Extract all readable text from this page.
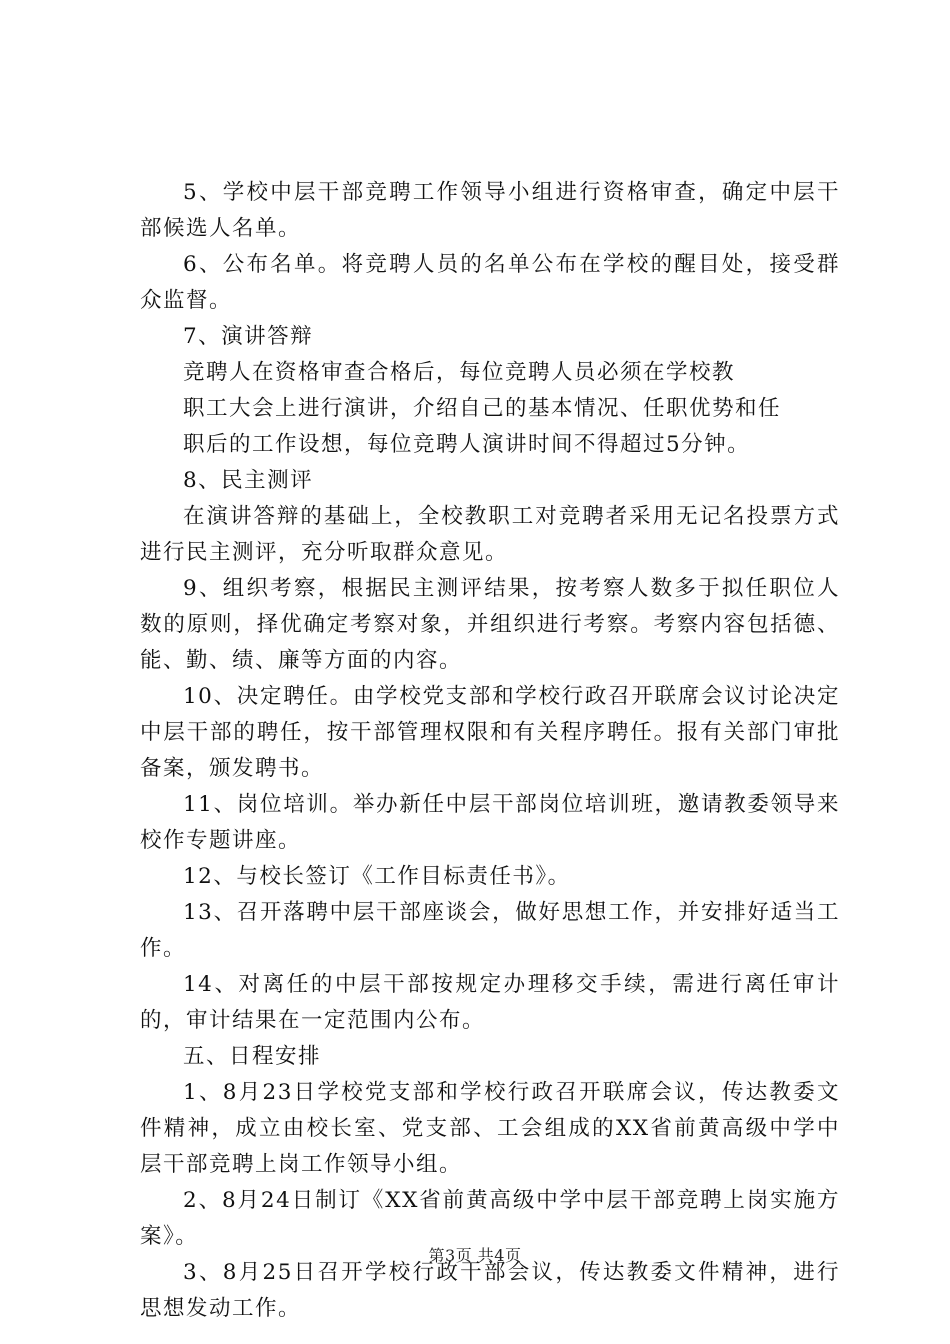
5、学校中层干部竞聘工作领导小组进行资格审查，确定中层干部候选人名单。

6、公布名单。将竞聘人员的名单公布在学校的醒目处，接受群众监督。

7、演讲答辩

竞聘人在资格审查合格后，每位竞聘人员必须在学校教

职工大会上进行演讲，介绍自己的基本情况、任职优势和任

职后的工作设想，每位竞聘人演讲时间不得超过5分钟。

8、民主测评

在演讲答辩的基础上，全校教职工对竞聘者采用无记名投票方式进行民主测评，充分听取群众意见。

9、组织考察，根据民主测评结果，按考察人数多于拟任职位人数的原则，择优确定考察对象，并组织进行考察。考察内容包括德、能、勤、绩、廉等方面的内容。

10、决定聘任。由学校党支部和学校行政召开联席会议讨论决定中层干部的聘任，按干部管理权限和有关程序聘任。报有关部门审批备案，颁发聘书。

11、岗位培训。举办新任中层干部岗位培训班，邀请教委领导来校作专题讲座。

12、与校长签订《工作目标责任书》。

13、召开落聘中层干部座谈会，做好思想工作，并安排好适当工作。

14、对离任的中层干部按规定办理移交手续，需进行离任审计的，审计结果在一定范围内公布。

五、日程安排

1、8月23日学校党支部和学校行政召开联席会议，传达教委文件精神，成立由校长室、党支部、工会组成的XX省前黄高级中学中层干部竞聘上岗工作领导小组。

2、8月24日制订《XX省前黄高级中学中层干部竞聘上岗实施方案》。

3、8月25日召开学校行政干部会议，传达教委文件精神，进行思想发动工作。

第3页 共4页
